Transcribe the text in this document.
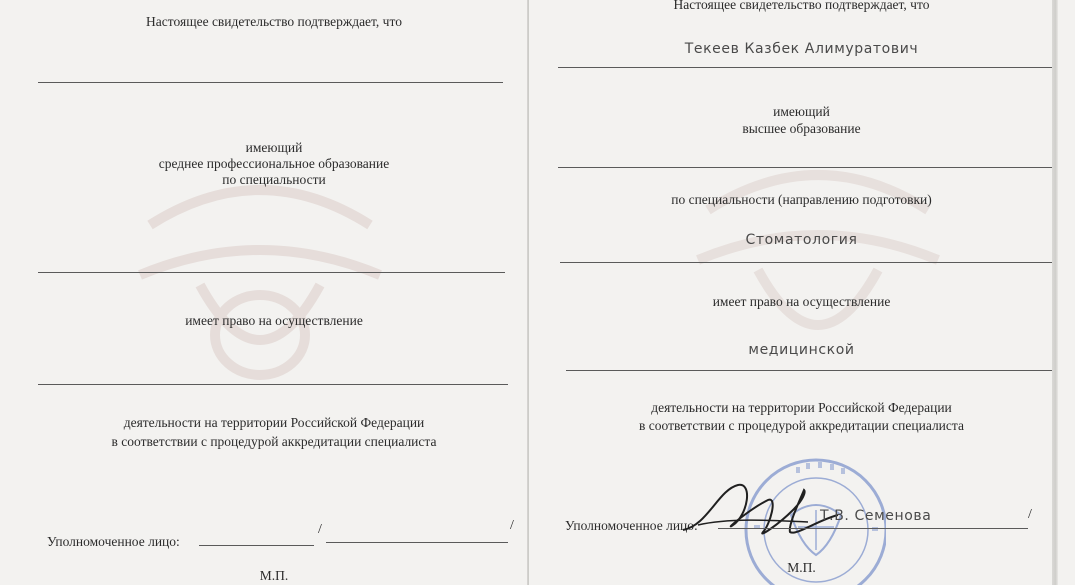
Настоящее свидетельство подтверждает, что
имеющий
среднее профессиональное образование
по специальности
имеет право на осуществление
деятельности на территории Российской Федерации
в соответствии с процедурой аккредитации специалиста
Уполномоченное лицо:
/	/
М.П.
Настоящее свидетельство подтверждает, что
Текеев Казбек Алимуратович
имеющий
высшее образование
по специальности (направлению подготовки)
Стоматология
имеет право на осуществление
медицинской
деятельности на территории Российской Федерации
в соответствии с процедурой аккредитации специалиста
Уполномоченное лицо:
Т.В. Семенова	/
М.П.
